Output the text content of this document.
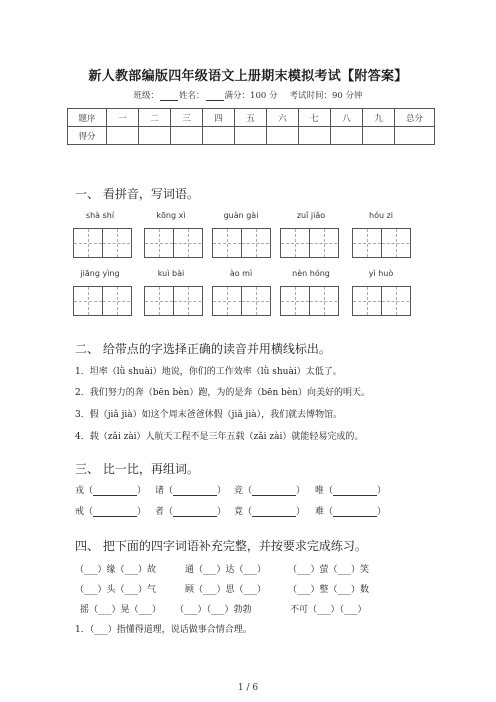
新人教部编版四年级语文上册期末模拟考试【附答案】
班级： 姓名： 满分：100 分 考试时间：90 分钟
题序	一	二	三	四	五	六	七	八	九	总分
得分										
一、 看拼音，写词语。
shà shí	kōng xì	guàn gài	zuǐ jiǎo	hóu zi
jiāng yìng	kuì bài	ào mì	nèn hóng	yì huò
二、 给带点的字选择正确的读音并用横线标出。
1．坦率（lǜ shuài）地说，你们的工作效率（lǜ shuài）太低了。
2．我们努力的奔（bēn bèn）跑，为的是奔（bēn bèn）向美好的明天。
3．假（jiǎ jià）如这个周末爸爸休假（jiǎ jià），我们就去博物馆。
4．载（zǎi zài）人航天工程不是三年五载（zǎi zài）就能轻易完成的。
三、 比一比，再组词。
戎（	） 诸（	） 竞（	） 唯（	）
戒（	） 者（	） 竟（	） 难（	）
四、 把下面的四字词语补充完整，并按要求完成练习。
（___）缘（___）故	通（___）达（___） （___）萤（___）笑
（___）头（___）气	顾（___）思（___） （___）整（___）数
摇（___）晃（___） （___）（___）勃勃	不可（___）（___）
1．（___）指懂得道理，说话做事合情合理。
1 / 6
